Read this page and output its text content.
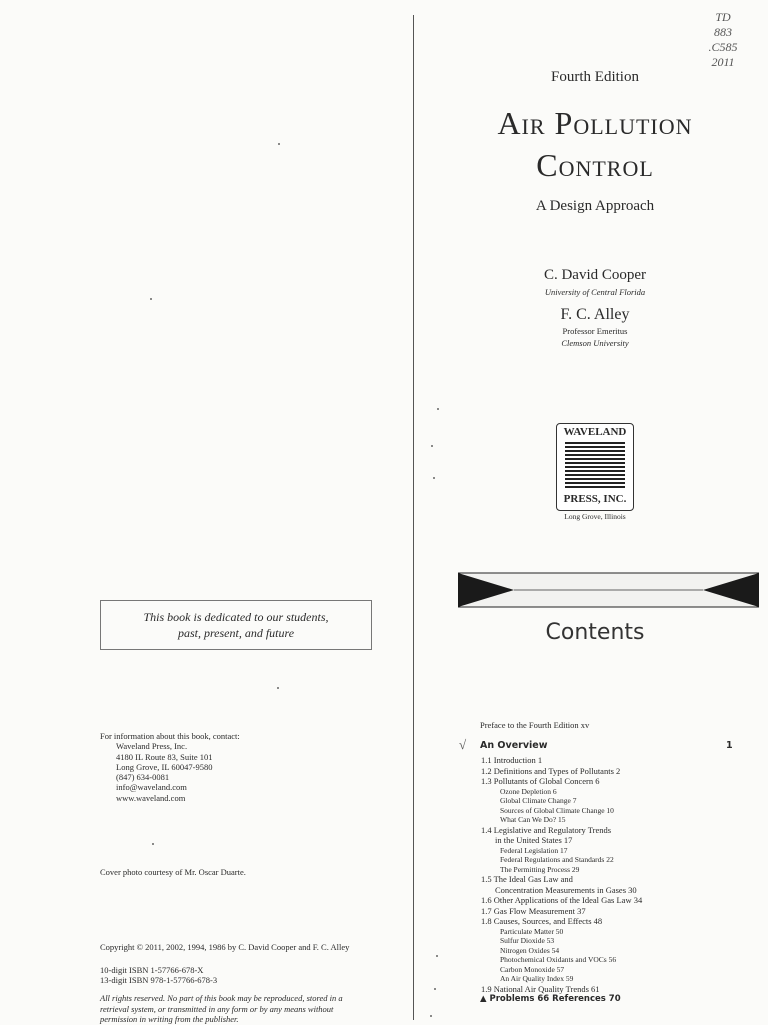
This book is dedicated to our students,
past, present, and future
For information about this book, contact:
Waveland Press, Inc.
4180 IL Route 83, Suite 101
Long Grove, IL 60047-9580
(847) 634-0081
info@waveland.com
www.waveland.com
Cover photo courtesy of Mr. Oscar Duarte.
Copyright © 2011, 2002, 1994, 1986 by C. David Cooper and F. C. Alley
10-digit ISBN 1-57766-678-X
13-digit ISBN 978-1-57766-678-3
All rights reserved. No part of this book may be reproduced, stored in a
retrieval system, or transmitted in any form or by any means without
permission in writing from the publisher.
TD
883
.C585
2011
Fourth Edition
Air Pollution
Control
A Design Approach
C. David Cooper
University of Central Florida
F. C. Alley
Professor Emeritus
Clemson University
WAVELAND
PRESS, INC.
Long Grove, Illinois
Contents
Preface to the Fourth Edition xv
√ An Overview	1
1.1 Introduction 1
1.2 Definitions and Types of Pollutants 2
1.3 Pollutants of Global Concern 6
Ozone Depletion 6
Global Climate Change 7
Sources of Global Climate Change 10
What Can We Do? 15
1.4 Legislative and Regulatory Trends
in the United States 17
Federal Legislation 17
Federal Regulations and Standards 22
The Permitting Process 29
1.5 The Ideal Gas Law and
Concentration Measurements in Gases 30
1.6 Other Applications of the Ideal Gas Law 34
1.7 Gas Flow Measurement 37
1.8 Causes, Sources, and Effects 48
Particulate Matter 50
Sulfur Dioxide 53
Nitrogen Oxides 54
Photochemical Oxidants and VOCs 56
Carbon Monoxide 57
An Air Quality Index 59
1.9 National Air Quality Trends 61
▲ Problems 66 References 70
